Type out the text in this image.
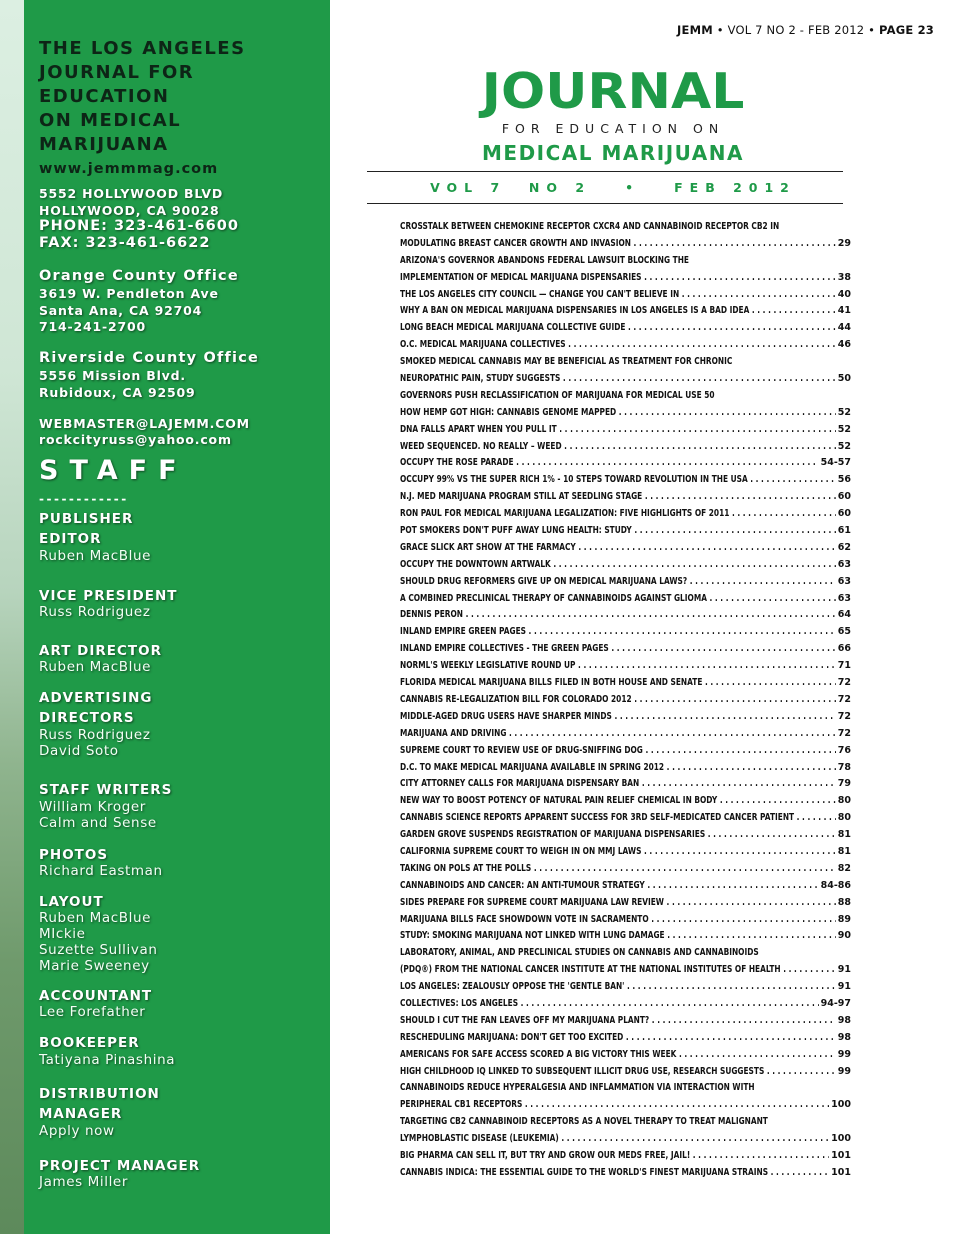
THE LOS ANGELES
JOURNAL FOR
EDUCATION
ON MEDICAL
MARIJUANA

www.jemmmag.com

5552 HOLLYWOOD BLVD
HOLLYWOOD, CA 90028

PHONE: 323-461-6600
FAX: 323-461-6622

Orange County Office

3619 W. Pendleton Ave
Santa Ana, CA 92704
714-241-2700

Riverside County Office

5556 Mission Blvd.
Rubidoux, CA 92509

WEBMASTER@LAJEMM.COM

rockcityruss@yahoo.com

STAFF

------------

PUBLISHER
EDITOR

Ruben MacBlue

VICE PRESIDENT

Russ Rodriguez

ART DIRECTOR

Ruben MacBlue

ADVERTISING
DIRECTORS

Russ Rodriguez
David Soto

STAFF WRITERS

William Kroger
Calm and Sense

PHOTOS

Richard Eastman

LAYOUT

Ruben MacBlue
MIckie
Suzette Sullivan
Marie Sweeney

ACCOUNTANT

Lee Forefather

BOOKEEPER

Tatiyana Pinashina

DISTRIBUTION
MANAGER

Apply now

PROJECT MANAGER

James Miller

JEMM • VOL 7 NO 2 - FEB 2012 • PAGE 23
JOURNAL
FOR EDUCATION ON
MEDICAL MARIJUANA
VOL 7  NO 2   •   FEB 2012
CROSSTALK BETWEEN CHEMOKINE RECEPTOR CXCR4 AND CANNABINOID RECEPTOR CB2 IN
MODULATING BREAST CANCER GROWTH AND INVASION . . .	29
ARIZONA'S GOVERNOR ABANDONS FEDERAL LAWSUIT BLOCKING THE
IMPLEMENTATION OF MEDICAL MARIJUANA DISPENSARIES . . .	38
THE LOS ANGELES CITY COUNCIL — CHANGE YOU CAN'T BELIEVE IN . . .	40
WHY A BAN ON MEDICAL MARIJUANA DISPENSARIES IN LOS ANGELES IS A BAD IDEA . . .	41
LONG BEACH MEDICAL MARIJUANA COLLECTIVE GUIDE . . .	44
O.C. MEDICAL MARIJUANA COLLECTIVES . . .	46
SMOKED MEDICAL CANNABIS MAY BE BENEFICIAL AS TREATMENT FOR CHRONIC
NEUROPATHIC PAIN, STUDY SUGGESTS . . .	50
GOVERNORS PUSH RECLASSIFICATION OF MARIJUANA FOR MEDICAL USE 50
HOW HEMP GOT HIGH: CANNABIS GENOME MAPPED . . .	52
DNA FALLS APART WHEN YOU PULL IT . . .	52
WEED SEQUENCED. NO REALLY – WEED . . .	52
OCCUPY THE ROSE PARADE . . .	54-57
OCCUPY 99% VS THE SUPER RICH 1% - 10 STEPS TOWARD REVOLUTION IN THE USA . . .	56
N.J. MED MARIJUANA PROGRAM STILL AT SEEDLING STAGE . . .	60
RON PAUL FOR MEDICAL MARIJUANA LEGALIZATION: FIVE HIGHLIGHTS OF 2011 . . .	60
POT SMOKERS DON'T PUFF AWAY LUNG HEALTH: STUDY . . .	61
GRACE SLICK ART SHOW AT THE FARMACY . . .	62
OCCUPY THE DOWNTOWN ARTWALK . . .	63
SHOULD DRUG REFORMERS GIVE UP ON MEDICAL MARIJUANA LAWS? . . .	63
A COMBINED PRECLINICAL THERAPY OF CANNABINOIDS AGAINST GLIOMA . . .	63
DENNIS PERON . . .	64
INLAND EMPIRE GREEN PAGES . . .	65
INLAND EMPIRE COLLECTIVES - THE GREEN PAGES . . .	66
NORML'S WEEKLY LEGISLATIVE ROUND UP . . .	71
FLORIDA MEDICAL MARIJUANA BILLS FILED IN BOTH HOUSE AND SENATE . . .	72
CANNABIS RE-LEGALIZATION BILL FOR COLORADO 2012 . . .	72
MIDDLE-AGED DRUG USERS HAVE SHARPER MINDS . . .	72
MARIJUANA AND DRIVING . . .	72
SUPREME COURT TO REVIEW USE OF DRUG-SNIFFING DOG . . .	76
D.C. TO MAKE MEDICAL MARIJUANA AVAILABLE IN SPRING 2012 . . .	78
CITY ATTORNEY CALLS FOR MARIJUANA DISPENSARY BAN . . .	79
NEW WAY TO BOOST POTENCY OF NATURAL PAIN RELIEF CHEMICAL IN BODY . . .	80
CANNABIS SCIENCE REPORTS APPARENT SUCCESS FOR 3RD SELF-MEDICATED CANCER PATIENT . . .	80
GARDEN GROVE SUSPENDS REGISTRATION OF MARIJUANA DISPENSARIES . . .	81
CALIFORNIA SUPREME COURT TO WEIGH IN ON MMJ LAWS . . .	81
TAKING ON POLS AT THE POLLS . . .	82
CANNABINOIDS AND CANCER: AN ANTI-TUMOUR STRATEGY . . .	84-86
SIDES PREPARE FOR SUPREME COURT MARIJUANA LAW REVIEW . . .	88
MARIJUANA BILLS FACE SHOWDOWN VOTE IN SACRAMENTO . . .	89
STUDY: SMOKING MARIJUANA NOT LINKED WITH LUNG DAMAGE . . .	90
LABORATORY, ANIMAL, AND PRECLINICAL STUDIES ON CANNABIS AND CANNABINOIDS
(PDQ®) FROM THE NATIONAL CANCER INSTITUTE AT THE NATIONAL INSTITUTES OF HEALTH . . .	91
LOS ANGELES: ZEALOUSLY OPPOSE THE 'GENTLE BAN' . . .	91
COLLECTIVES: LOS ANGELES . . .	94-97
SHOULD I CUT THE FAN LEAVES OFF MY MARIJUANA PLANT? . . .	98
RESCHEDULING MARIJUANA: DON'T GET TOO EXCITED . . .	98
AMERICANS FOR SAFE ACCESS SCORED A BIG VICTORY THIS WEEK . . .	99
HIGH CHILDHOOD IQ LINKED TO SUBSEQUENT ILLICIT DRUG USE, RESEARCH SUGGESTS . . .	99
CANNABINOIDS REDUCE HYPERALGESIA AND INFLAMMATION VIA INTERACTION WITH
PERIPHERAL CB1 RECEPTORS . . .	100
TARGETING CB2 CANNABINOID RECEPTORS AS A NOVEL THERAPY TO TREAT MALIGNANT
LYMPHOBLASTIC DISEASE (LEUKEMIA) . . .	100
BIG PHARMA CAN SELL IT, BUT TRY AND GROW OUR MEDS FREE, JAIL! . . .	101
CANNABIS INDICA: THE ESSENTIAL GUIDE TO THE WORLD'S FINEST MARIJUANA STRAINS . . .	101
